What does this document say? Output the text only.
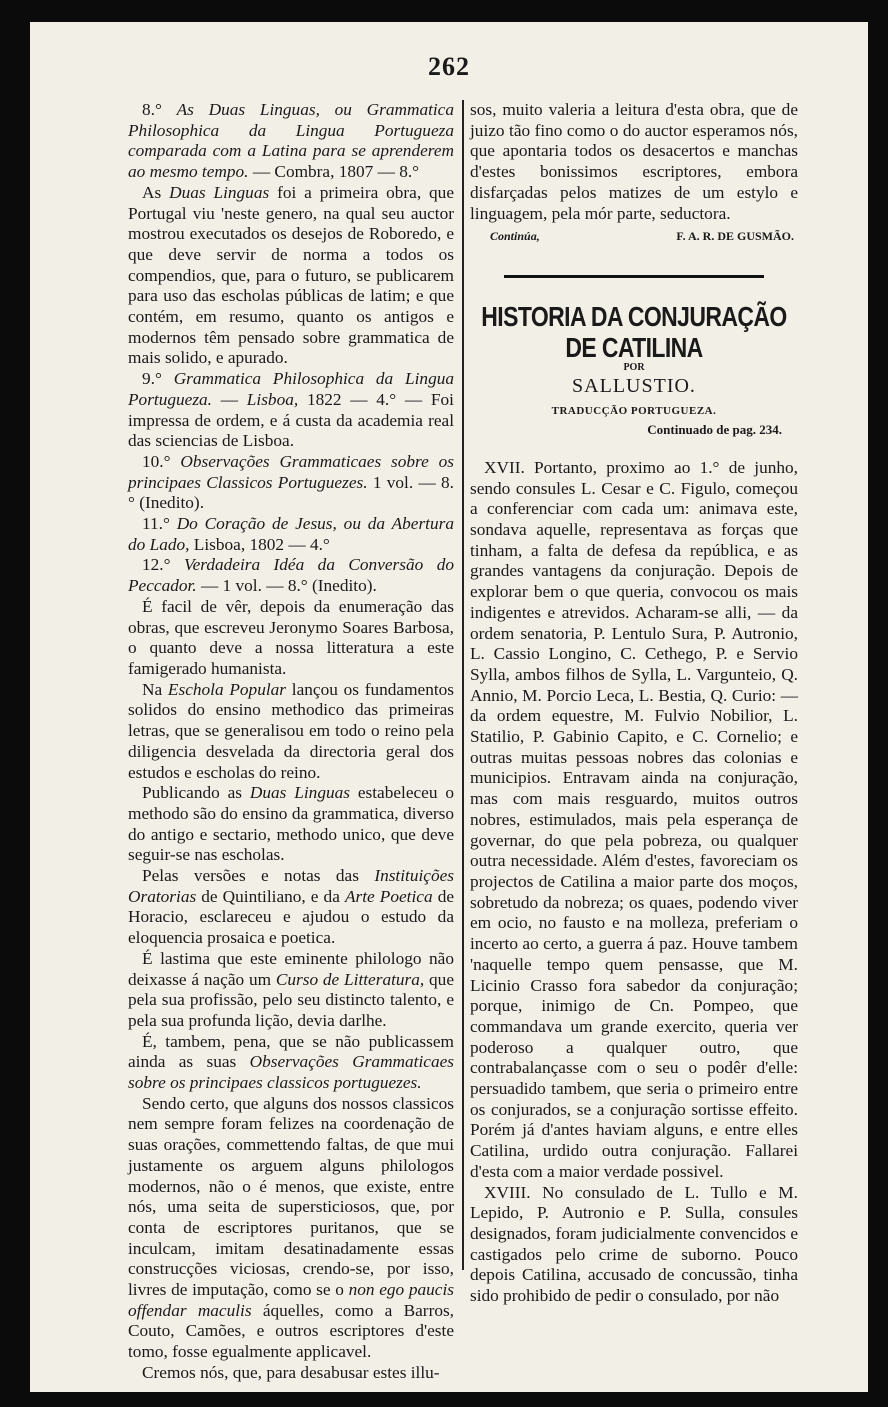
262

8.° As Duas Linguas, ou Grammatica Philosophica da Lingua Portugueza comparada com a Latina para se aprenderem ao mesmo tempo. — Combra, 1807 — 8.°

As Duas Linguas foi a primeira obra, que Portugal viu 'neste genero, na qual seu auctor mostrou executados os desejos de Roboredo, e que deve servir de norma a todos os compendios, que, para o futuro, se publicarem para uso das escholas públicas de latim; e que contém, em resumo, quanto os antigos e modernos têm pensado sobre grammatica de mais solido, e apurado.

9.° Grammatica Philosophica da Lingua Portugueza. — Lisboa, 1822 — 4.° — Foi impressa de ordem, e á custa da academia real das sciencias de Lisboa.

10.° Observações Grammaticaes sobre os principaes Classicos Portuguezes. 1 vol. — 8.° (Inedito).

11.° Do Coração de Jesus, ou da Abertura do Lado, Lisboa, 1802 — 4.°

12.° Verdadeira Idéa da Conversão do Peccador. — 1 vol. — 8.° (Inedito).

É facil de vêr, depois da enumeração das obras, que escreveu Jeronymo Soares Barbosa, o quanto deve a nossa litteratura a este famigerado humanista.

Na Eschola Popular lançou os fundamentos solidos do ensino methodico das primeiras letras, que se generalisou em todo o reino pela diligencia desvelada da directoria geral dos estudos e escholas do reino.

Publicando as Duas Linguas estabeleceu o methodo são do ensino da grammatica, diverso do antigo e sectario, methodo unico, que deve seguir-se nas escholas.

Pelas versões e notas das Instituições Oratorias de Quintiliano, e da Arte Poetica de Horacio, esclareceu e ajudou o estudo da eloquencia prosaica e poetica.

É lastima que este eminente philologo não deixasse á nação um Curso de Litteratura, que pela sua profissão, pelo seu distincto talento, e pela sua profunda lição, devia darlhe.

É, tambem, pena, que se não publicassem ainda as suas Observações Grammaticaes sobre os principaes classicos portuguezes.

Sendo certo, que alguns dos nossos classicos nem sempre foram felizes na coordenação de suas orações, commettendo faltas, de que mui justamente os arguem alguns philologos modernos, não o é menos, que existe, entre nós, uma seita de supersticiosos, que, por conta de escriptores puritanos, que se inculcam, imitam desatinadamente essas construcções viciosas, crendo-se, por isso, livres de imputação, como se o non ego paucis offendar maculis áquelles, como a Barros, Couto, Camões, e outros escriptores d'este tomo, fosse egualmente applicavel.

Cremos nós, que, para desabusar estes illu-

sos, muito valeria a leitura d'esta obra, que de juizo tão fino como o do auctor esperamos nós, que apontaria todos os desacertos e manchas d'estes bonissimos escriptores, embora disfarçadas pelos matizes de um estylo e linguagem, pela mór parte, seductora.

Continúa,	F. A. R. DE GUSMÃO.
HISTORIA DA CONJURAÇÃO DE CATILINA
POR
SALLUSTIO.
TRADUCÇÃO PORTUGUEZA.
Continuado de pag. 234.

XVII. Portanto, proximo ao 1.° de junho, sendo consules L. Cesar e C. Figulo, começou a conferenciar com cada um: animava este, sondava aquelle, representava as forças que tinham, a falta de defesa da república, e as grandes vantagens da conjuração. Depois de explorar bem o que queria, convocou os mais indigentes e atrevidos. Acharam-se alli, — da ordem senatoria, P. Lentulo Sura, P. Autronio, L. Cassio Longino, C. Cethego, P. e Servio Sylla, ambos filhos de Sylla, L. Vargunteio, Q. Annio, M. Porcio Leca, L. Bestia, Q. Curio: — da ordem equestre, M. Fulvio Nobilior, L. Statilio, P. Gabinio Capito, e C. Cornelio; e outras muitas pessoas nobres das colonias e municipios. Entravam ainda na conjuração, mas com mais resguardo, muitos outros nobres, estimulados, mais pela esperança de governar, do que pela pobreza, ou qualquer outra necessidade. Além d'estes, favoreciam os projectos de Catilina a maior parte dos moços, sobretudo da nobreza; os quaes, podendo viver em ocio, no fausto e na molleza, preferiam o incerto ao certo, a guerra á paz. Houve tambem 'naquelle tempo quem pensasse, que M. Licinio Crasso fora sabedor da conjuração; porque, inimigo de Cn. Pompeo, que commandava um grande exercito, queria ver poderoso a qualquer outro, que contrabalançasse com o seu o podêr d'elle: persuadido tambem, que seria o primeiro entre os conjurados, se a conjuração sortisse effeito. Porém já d'antes haviam alguns, e entre elles Catilina, urdido outra conjuração. Fallarei d'esta com a maior verdade possivel.

XVIII. No consulado de L. Tullo e M. Lepido, P. Autronio e P. Sulla, consules designados, foram judicialmente convencidos e castigados pelo crime de suborno. Pouco depois Catilina, accusado de concussão, tinha sido prohibido de pedir o consulado, por não
